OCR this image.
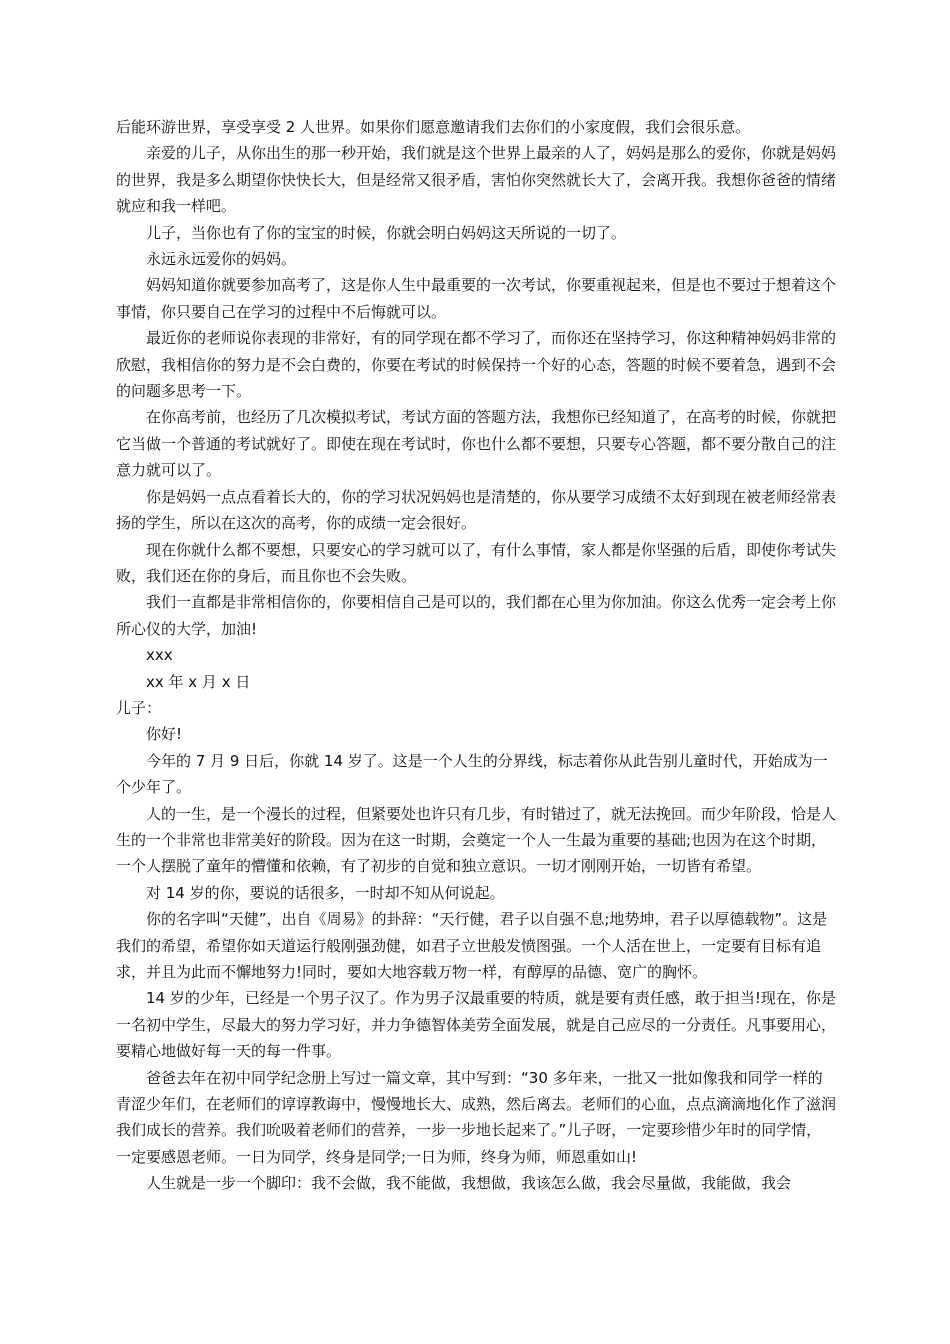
后能环游世界，享受享受 2 人世界。如果你们愿意邀请我们去你们的小家度假，我们会很乐意。

亲爱的儿子，从你出生的那一秒开始，我们就是这个世界上最亲的人了，妈妈是那么的爱你，你就是妈妈的世界，我是多么期望你快快长大，但是经常又很矛盾，害怕你突然就长大了，会离开我。我想你爸爸的情绪就应和我一样吧。

儿子，当你也有了你的宝宝的时候，你就会明白妈妈这天所说的一切了。

永远永远爱你的妈妈。

妈妈知道你就要参加高考了，这是你人生中最重要的一次考试，你要重视起来，但是也不要过于想着这个事情，你只要自己在学习的过程中不后悔就可以。

最近你的老师说你表现的非常好，有的同学现在都不学习了，而你还在坚持学习，你这种精神妈妈非常的欣慰，我相信你的努力是不会白费的，你要在考试的时候保持一个好的心态，答题的时候不要着急，遇到不会的问题多思考一下。

在你高考前，也经历了几次模拟考试，考试方面的答题方法，我想你已经知道了，在高考的时候，你就把它当做一个普通的考试就好了。即使在现在考试时，你也什么都不要想，只要专心答题，都不要分散自己的注意力就可以了。

你是妈妈一点点看着长大的，你的学习状况妈妈也是清楚的，你从要学习成绩不太好到现在被老师经常表扬的学生，所以在这次的高考，你的成绩一定会很好。

现在你就什么都不要想，只要安心的学习就可以了，有什么事情，家人都是你坚强的后盾，即使你考试失败，我们还在你的身后，而且你也不会失败。

我们一直都是非常相信你的，你要相信自己是可以的，我们都在心里为你加油。你这么优秀一定会考上你所心仪的大学，加油!

xxx

xx 年 x 月 x 日

儿子：

你好!

今年的 7 月 9 日后，你就 14 岁了。这是一个人生的分界线，标志着你从此告别儿童时代，开始成为一个少年了。

人的一生，是一个漫长的过程，但紧要处也许只有几步，有时错过了，就无法挽回。而少年阶段，恰是人生的一个非常也非常美好的阶段。因为在这一时期，会奠定一个人一生最为重要的基础;也因为在这个时期，一个人摆脱了童年的懵懂和依赖，有了初步的自觉和独立意识。一切才刚刚开始，一切皆有希望。

对 14 岁的你，要说的话很多，一时却不知从何说起。

你的名字叫“天健”，出自《周易》的卦辞：“天行健，君子以自强不息;地势坤，君子以厚德载物”。这是我们的希望，希望你如天道运行般刚强劲健，如君子立世般发愤图强。一个人活在世上，一定要有目标有追求，并且为此而不懈地努力!同时，要如大地容载万物一样，有醇厚的品德、宽广的胸怀。

14 岁的少年，已经是一个男子汉了。作为男子汉最重要的特质，就是要有责任感，敢于担当!现在，你是一名初中学生，尽最大的努力学习好，并力争德智体美劳全面发展，就是自己应尽的一分责任。凡事要用心，要精心地做好每一天的每一件事。

爸爸去年在初中同学纪念册上写过一篇文章，其中写到：“30 多年来，一批又一批如像我和同学一样的青涩少年们，在老师们的谆谆教诲中，慢慢地长大、成熟，然后离去。老师们的心血，点点滴滴地化作了滋润我们成长的营养。我们吮吸着老师们的营养，一步一步地长起来了。”儿子呀，一定要珍惜少年时的同学情，一定要感恩老师。一日为同学，终身是同学;一日为师，终身为师，师恩重如山!

人生就是一步一个脚印：我不会做，我不能做，我想做，我该怎么做，我会尽量做，我能做，我会
